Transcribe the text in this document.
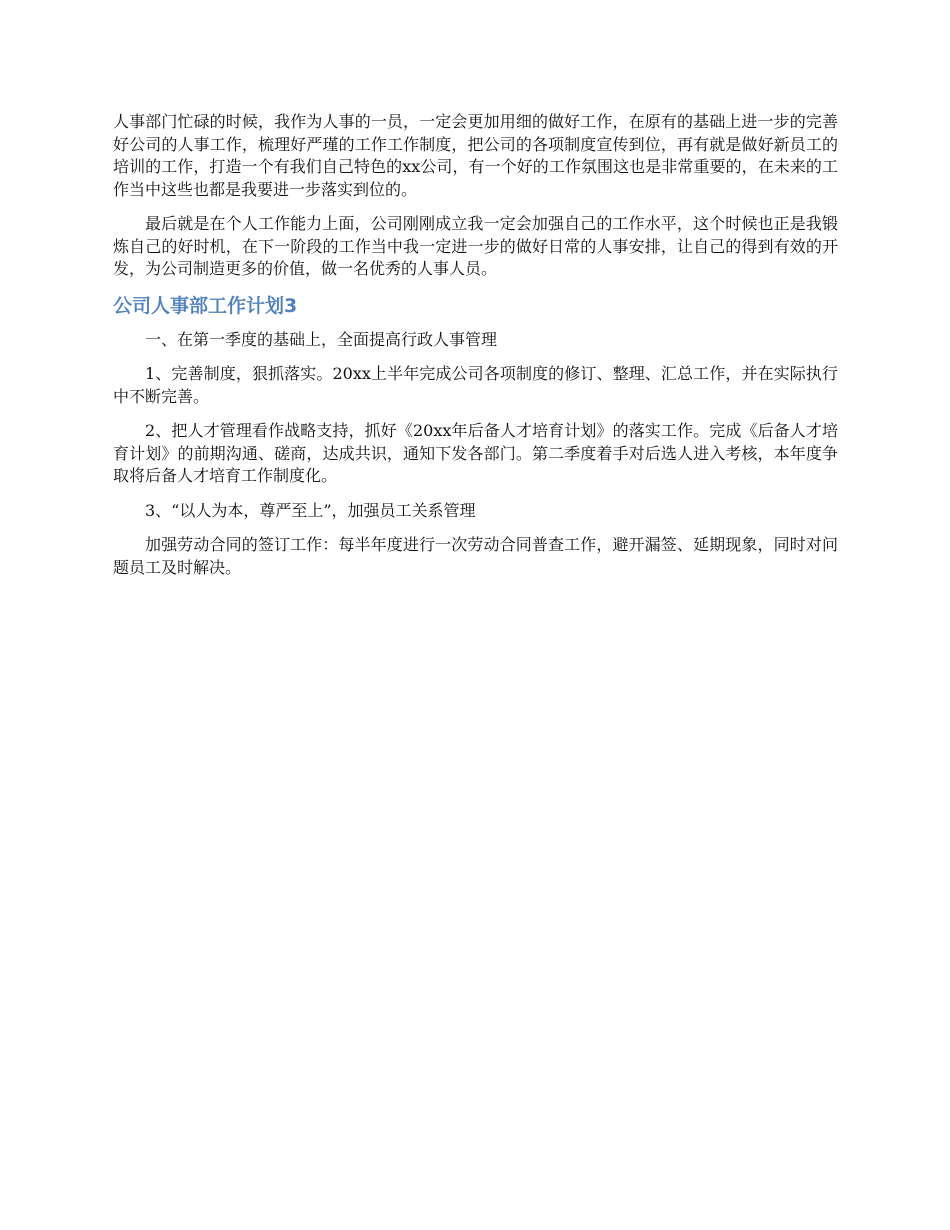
人事部门忙碌的时候，我作为人事的一员，一定会更加用细的做好工作，在原有的基础上进一步的完善好公司的人事工作，梳理好严瑾的工作工作制度，把公司的各项制度宣传到位，再有就是做好新员工的培训的工作，打造一个有我们自己特色的xx公司，有一个好的工作氛围这也是非常重要的，在未来的工作当中这些也都是我要进一步落实到位的。

最后就是在个人工作能力上面，公司刚刚成立我一定会加强自己的工作水平，这个时候也正是我锻炼自己的好时机，在下一阶段的工作当中我一定进一步的做好日常的人事安排，让自己的得到有效的开发，为公司制造更多的价值，做一名优秀的人事人员。

公司人事部工作计划3

一、在第一季度的基础上，全面提高行政人事管理

1、完善制度，狠抓落实。20xx上半年完成公司各项制度的修订、整理、汇总工作，并在实际执行中不断完善。

2、把人才管理看作战略支持，抓好《20xx年后备人才培育计划》的落实工作。完成《后备人才培育计划》的前期沟通、磋商，达成共识，通知下发各部门。第二季度着手对后选人进入考核，本年度争取将后备人才培育工作制度化。

3、“以人为本，尊严至上”，加强员工关系管理

加强劳动合同的签订工作：每半年度进行一次劳动合同普查工作，避开漏签、延期现象，同时对问题员工及时解决。
